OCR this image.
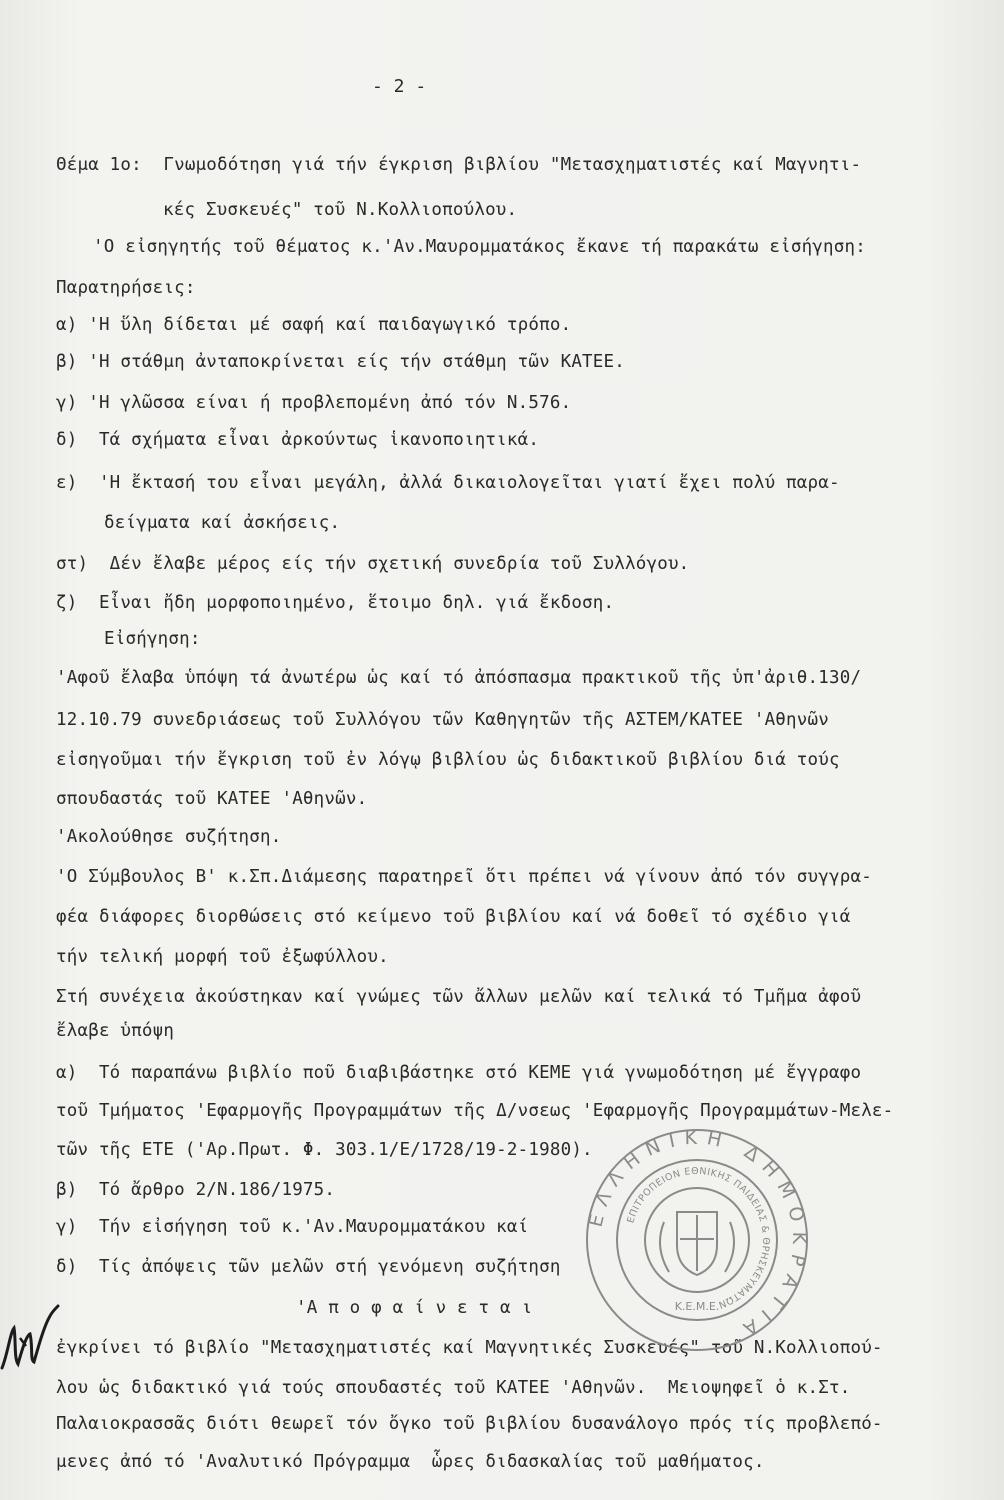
- 2 -
Θέμα 1ο:  Γνωμοδότηση γιά τήν έγκριση βιβλίου "Μετασχηματιστές καί Μαγνητι-
κές Συσκευές" τοῦ Ν.Κολλιοπούλου.
'Ο εἰσηγητής τοῦ θέματος κ.'Αν.Μαυρομματάκος ἔκανε τή παρακάτω εἰσήγηση:
Παρατηρήσεις:
α) 'Η ὕλη δίδεται μέ σαφή καί παιδαγωγικό τρόπο.
β) 'Η στάθμη ἀνταποκρίνεται είς τήν στάθμη τῶν ΚΑΤΕΕ.
γ) 'Η γλῶσσα είναι ή προβλεπομένη ἀπό τόν Ν.576.
δ)  Τά σχήματα εἶναι ἀρκούντως ἱκανοποιητικά.
ε)  'Η ἔκτασή του εἶναι μεγάλη, ἀλλά δικαιολογεῖται γιατί ἔχει πολύ παρα-
δείγματα καί ἀσκήσεις.
στ)  Δέν ἔλαβε μέρος είς τήν σχετική συνεδρία τοῦ Συλλόγου.
ζ)  Εἶναι ἤδη μορφοποιημένο, ἕτοιμο δηλ. γιά ἔκδοση.
Εἰσήγηση:
'Αφοῦ ἔλαβα ὑπόψη τά ἀνωτέρω ὡς καί τό ἀπόσπασμα πρακτικοῦ τῆς ὑπ'ἀριθ.130/
12.10.79 συνεδριάσεως τοῦ Συλλόγου τῶν Καθηγητῶν τῆς ΑΣΤΕΜ/ΚΑΤΕΕ 'Αθηνῶν
εἰσηγοῦμαι τήν ἔγκριση τοῦ ἐν λόγῳ βιβλίου ὡς διδακτικοῦ βιβλίου διά τούς
σπουδαστάς τοῦ ΚΑΤΕΕ 'Αθηνῶν.
'Ακολούθησε συζήτηση.
'Ο Σύμβουλος Β' κ.Σπ.Διάμεσης παρατηρεῖ ὅτι πρέπει νά γίνουν ἀπό τόν συγγρα-
φέα διάφορες διορθώσεις στό κείμενο τοῦ βιβλίου καί νά δοθεῖ τό σχέδιο γιά
τήν τελική μορφή τοῦ ἐξωφύλλου.
Στή συνέχεια ἀκούστηκαν καί γνώμες τῶν ἄλλων μελῶν καί τελικά τό Τμῆμα ἀφοῦ
ἔλαβε ὑπόψη
α)  Τό παραπάνω βιβλίο ποῦ διαβιβάστηκε στό ΚΕΜΕ γιά γνωμοδότηση μέ ἔγγραφο
τοῦ Τμήματος 'Εφαρμογῆς Προγραμμάτων τῆς Δ/νσεως 'Εφαρμογῆς Προγραμμάτων-Μελε-
τῶν τῆς ΕΤΕ ('Αρ.Πρωτ. Φ. 303.1/Ε/1728/19-2-1980).
β)  Τό ἄρθρο 2/Ν.186/1975.
γ)  Τήν εἰσήγηση τοῦ κ.'Αν.Μαυρομματάκου καί
δ)  Τίς ἀπόψεις τῶν μελῶν στή γενόμενη συζήτηση
'Α π ο φ α ί ν ε τ α ι
ἐγκρίνει τό βιβλίο "Μετασχηματιστές καί Μαγνητικές Συσκευές" τοῦ Ν.Κολλιοπού-
λου ὡς διδακτικό γιά τούς σπουδαστές τοῦ ΚΑΤΕΕ 'Αθηνῶν.  Μειοψηφεῖ ὁ κ.Στ.
Παλαιοκρασσᾶς διότι θεωρεῖ τόν ὄγκο τοῦ βιβλίου δυσανάλογο πρός τίς προβλεπό-
μενες ἀπό τό 'Αναλυτικό Πρόγραμμα  ὧρες διδασκαλίας τοῦ μαθήματος.
ΕΛΛΗΝΙΚΗ ΔΗΜΟΚΡΑΤΙΑ
ΕΠΙΤΡΟΠΕΙΟΝ ΕΘΝΙΚΗΣ ΠΑΙΔΕΙΑΣ & ΘΡΗΣΚΕΥΜΑΤΩΝ
Κ.Ε.Μ.Ε.
